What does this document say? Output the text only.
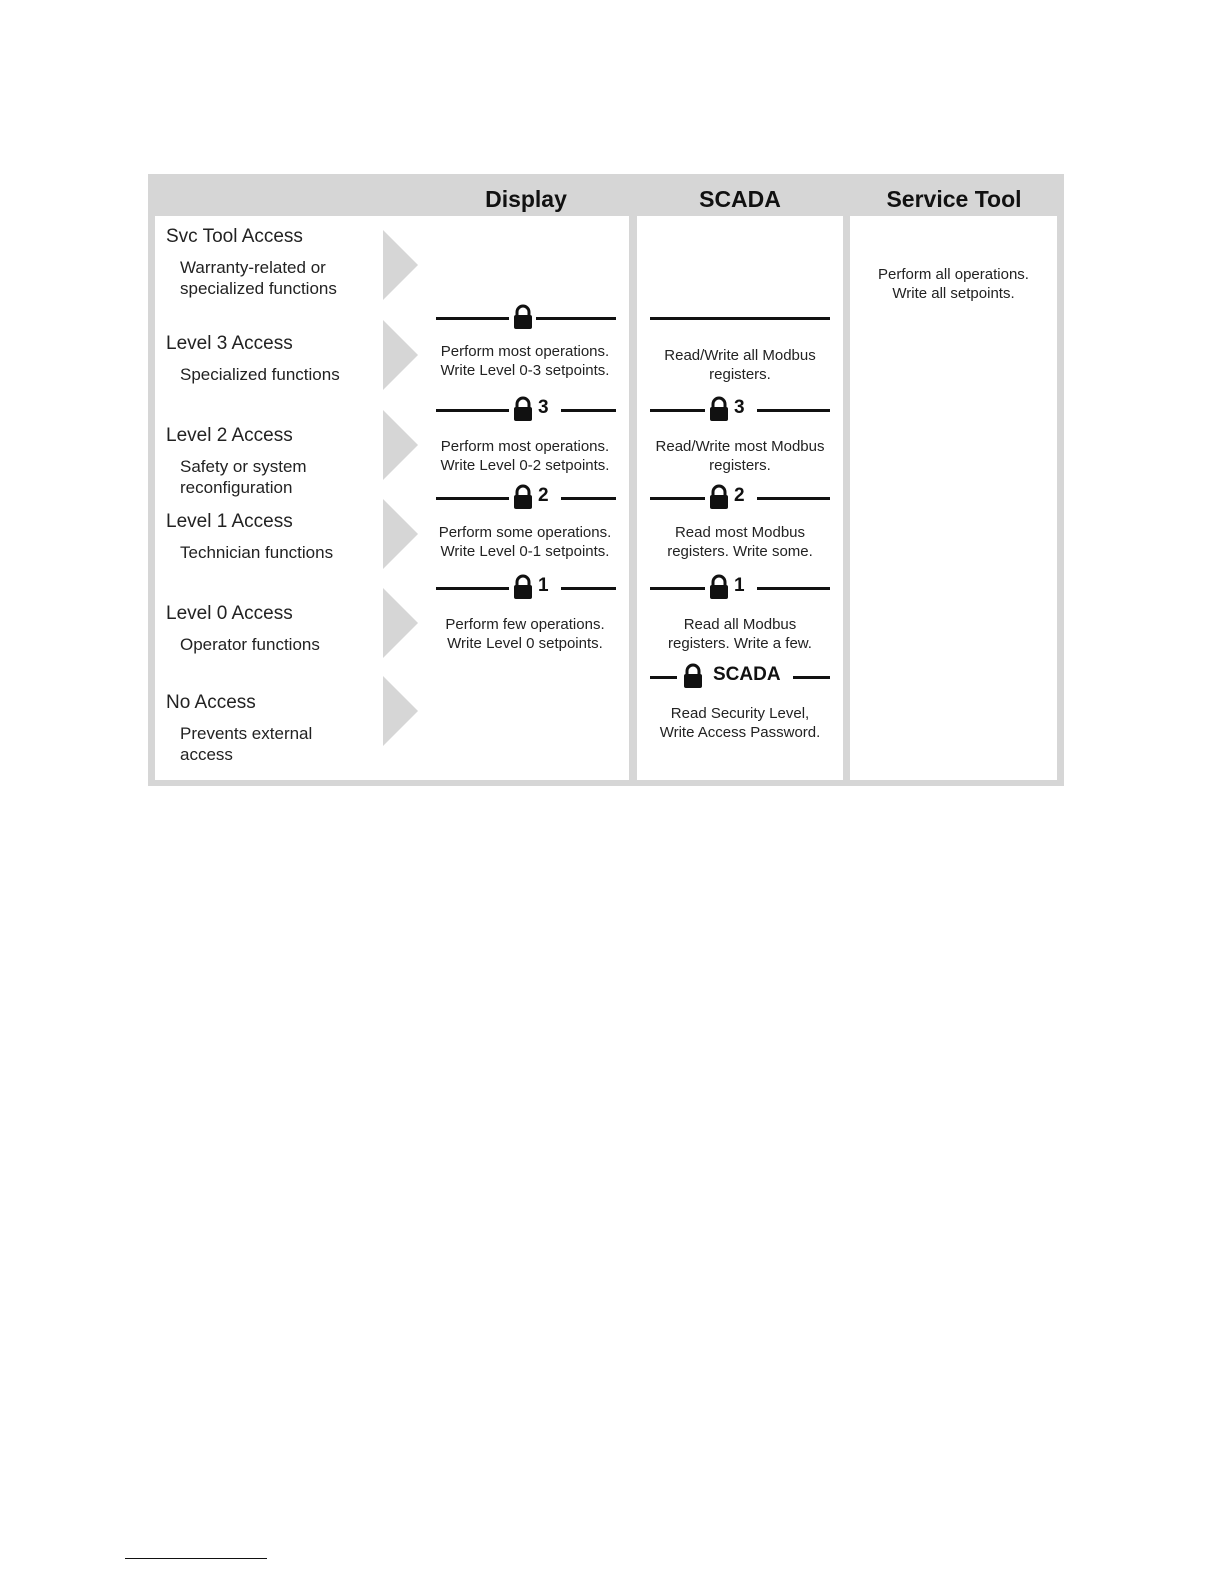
Display	SCADA	Service Tool
Svc Tool Access
Warranty-related or
specialized functions
Level 3 Access
Specialized functions
Level 2 Access
Safety or system
reconfiguration
Level 1 Access
Technician functions
Level 0 Access
Operator functions
No Access
Prevents external
access
3
2
1
Perform most operations.
Write Level 0-3 setpoints.
Perform most operations.
Write Level 0-2 setpoints.
Perform some operations.
Write Level 0-1 setpoints.
Perform few operations.
Write Level 0 setpoints.
3
2
1
SCADA
Read/Write all Modbus
registers.
Read/Write most Modbus
registers.
Read most Modbus
registers. Write some.
Read all Modbus
registers. Write a few.
Read Security Level,
Write Access Password.
Perform all operations.
Write all setpoints.
